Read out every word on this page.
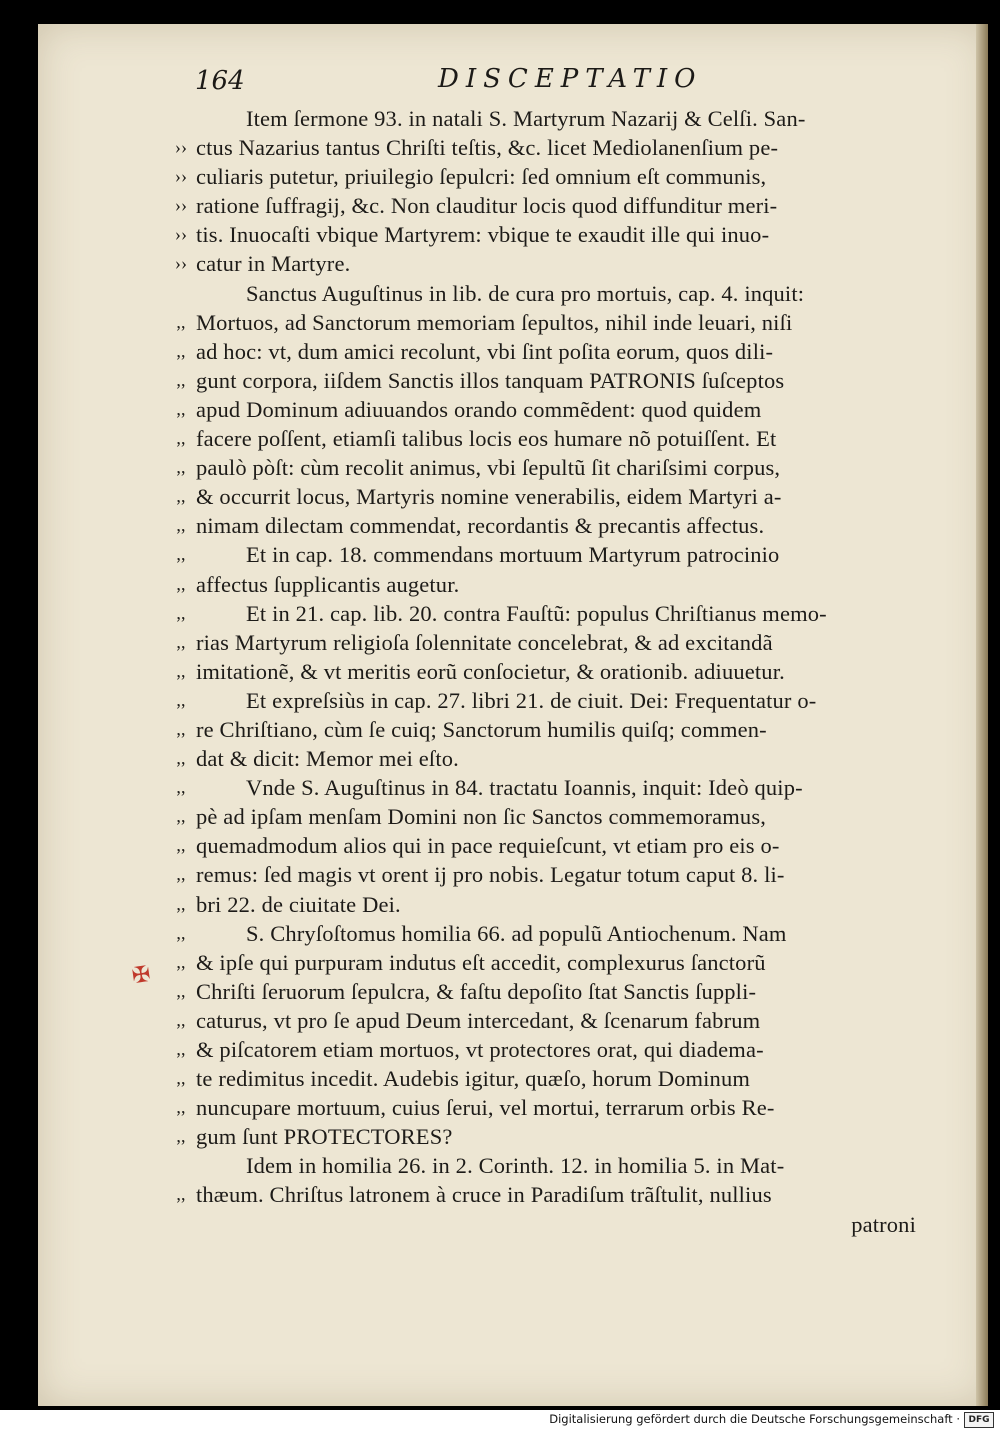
164	DISCEPTATIO
✠
Item ſermone 93. in natali S. Martyrum Nazarij & Celſi. San-
›› ctus Nazarius tantus Chriſti teſtis, &c. licet Mediolanenſium pe-
›› culiaris putetur, priuilegio ſepulcri: ſed omnium eſt communis,
›› ratione ſuffragij, &c. Non clauditur locis quod diffunditur meri-
›› tis. Inuocaſti vbique Martyrem: vbique te exaudit ille qui inuo-
›› catur in Martyre.
Sanctus Auguſtinus in lib. de cura pro mortuis, cap. 4. inquit:
,, Mortuos, ad Sanctorum memoriam ſepultos, nihil inde leuari, niſi
,, ad hoc: vt, dum amici recolunt, vbi ſint poſita eorum, quos dili-
,, gunt corpora, iiſdem Sanctis illos tanquam PATRONIS ſuſceptos
,, apud Dominum adiuuandos orando commẽdent: quod quidem
,, facere poſſent, etiamſi talibus locis eos humare nõ potuiſſent. Et
,, paulò pòſt: cùm recolit animus, vbi ſepultũ ſit chariſsimi corpus,
,, & occurrit locus, Martyris nomine venerabilis, eidem Martyri a-
,, nimam dilectam commendat, recordantis & precantis affectus.
,,	Et in cap. 18. commendans mortuum Martyrum patrocinio
,, affectus ſupplicantis augetur.
,,	Et in 21. cap. lib. 20. contra Fauſtũ: populus Chriſtianus memo-
,, rias Martyrum religioſa ſolennitate concelebrat, & ad excitandã
,, imitationẽ, & vt meritis eorũ conſocietur, & orationib. adiuuetur.
,,	Et expreſsiùs in cap. 27. libri 21. de ciuit. Dei: Frequentatur o-
,, re Chriſtiano, cùm ſe cuiq; Sanctorum humilis quiſq; commen-
,, dat & dicit: Memor mei eſto.
,,	Vnde S. Auguſtinus in 84. tractatu Ioannis, inquit: Ideò quip-
,, pè ad ipſam menſam Domini non ſic Sanctos commemoramus,
,, quemadmodum alios qui in pace requieſcunt, vt etiam pro eis o-
,, remus: ſed magis vt orent ij pro nobis. Legatur totum caput 8. li-
,, bri 22. de ciuitate Dei.
,,	S. Chryſoſtomus homilia 66. ad populũ Antiochenum. Nam
,, & ipſe qui purpuram indutus eſt accedit, complexurus ſanctorũ
,, Chriſti ſeruorum ſepulcra, & faſtu depoſito ſtat Sanctis ſuppli-
,, caturus, vt pro ſe apud Deum intercedant, & ſcenarum fabrum
,, & piſcatorem etiam mortuos, vt protectores orat, qui diadema-
,, te redimitus incedit. Audebis igitur, quæſo, horum Dominum
,, nuncupare mortuum, cuius ſerui, vel mortui, terrarum orbis Re-
,, gum ſunt PROTECTORES?
Idem in homilia 26. in 2. Corinth. 12. in homilia 5. in Mat-
,, thæum. Chriſtus latronem à cruce in Paradiſum trãſtulit, nullius
patroni
Digitalisierung gefördert durch die Deutsche Forschungsgemeinschaft · DFG
